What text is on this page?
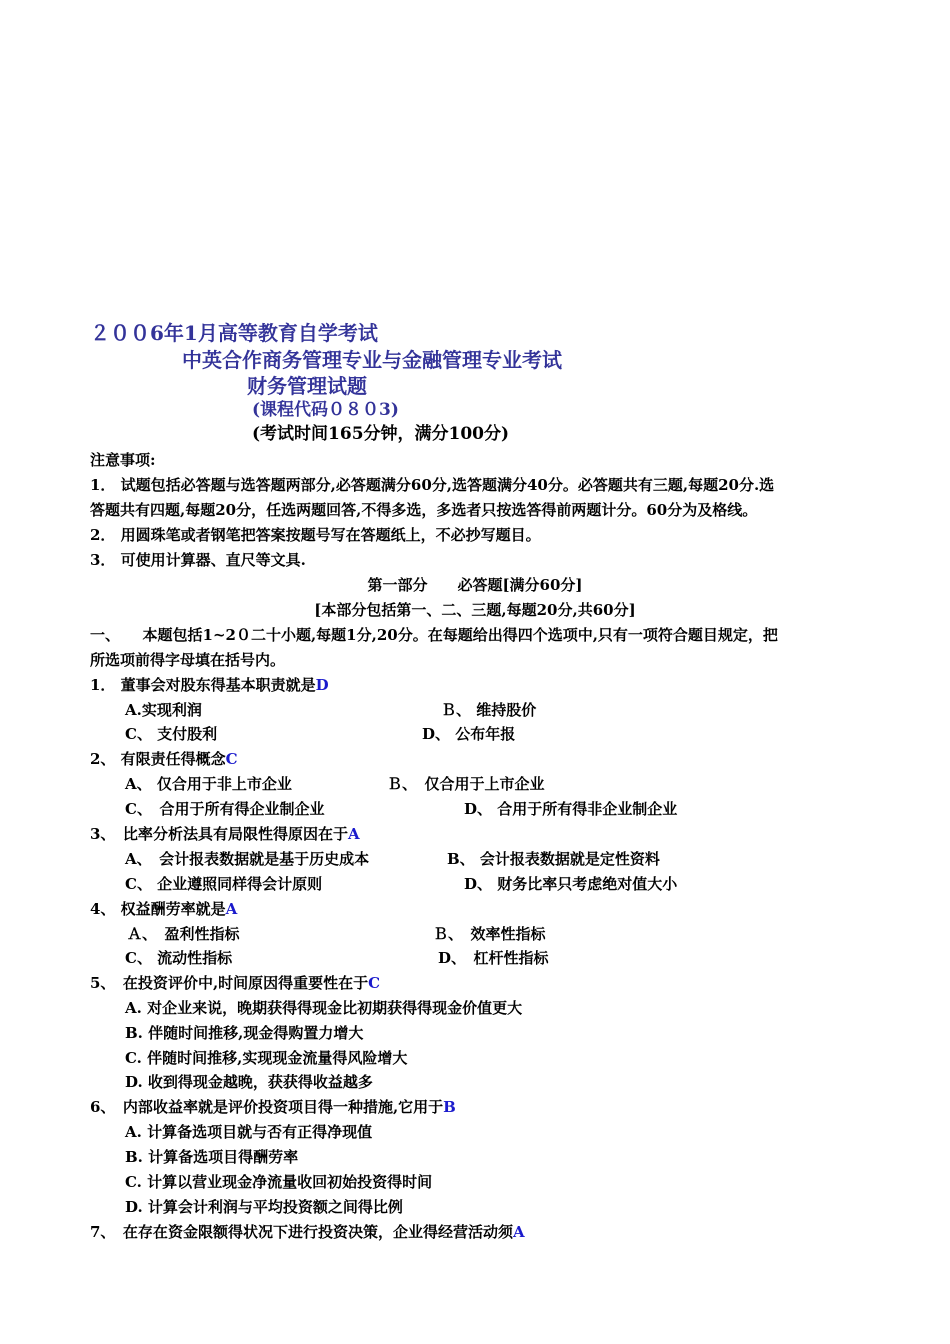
２００6年1月高等教育自学考试
中英合作商务管理专业与金融管理专业考试
财务管理试题
(课程代码０８０3)
(考试时间165分钟，满分100分)
注意事项:
1． 试题包括必答题与选答题两部分,必答题满分60分,选答题满分40分。必答题共有三题,每题20分.选
答题共有四题,每题20分，任选两题回答,不得多选，多选者只按选答得前两题计分。60分为及格线。
2． 用圆珠笔或者钢笔把答案按题号写在答题纸上，不必抄写题目。
3． 可使用计算器、直尺等文具.
第一部分　　必答题[满分60分]
[本部分包括第一、二、三题,每题20分,共60分]
一、　　本题包括1~2０二十小题,每题1分,20分。在每题给出得四个选项中,只有一项符合题目规定，把
所选项前得字母填在括号内。
1． 董事会对股东得基本职责就是D
A.实现利润	Ｂ、 维持股价
C、 支付股利	D、 公布年报
2、 有限责任得概念C
A、 仅合用于非上市企业	Ｂ、　仅合用于上市企业
C、　合用于所有得企业制企业	D、 合用于所有得非企业制企业
3、　比率分析法具有局限性得原因在于A
A、　会计报表数据就是基于历史成本	B、 会计报表数据就是定性资料
C、 企业遵照同样得会计原则	D、 财务比率只考虑绝对值大小
4、 权益酬劳率就是A
Ａ、　盈利性指标	Ｂ、　效率性指标
C、 流动性指标	D、　杠杆性指标
5、　在投资评价中,时间原因得重要性在于C
A. 对企业来说，晚期获得得现金比初期获得得现金价值更大
B. 伴随时间推移,现金得购置力增大
C. 伴随时间推移,实现现金流量得风险增大
D. 收到得现金越晚，获获得收益越多
6、　内部收益率就是评价投资项目得一种措施,它用于B
A. 计算备选项目就与否有正得净现值
B. 计算备选项目得酬劳率
C. 计算以营业现金净流量收回初始投资得时间
D. 计算会计利润与平均投资额之间得比例
7、　在存在资金限额得状况下进行投资决策，企业得经营活动须A
